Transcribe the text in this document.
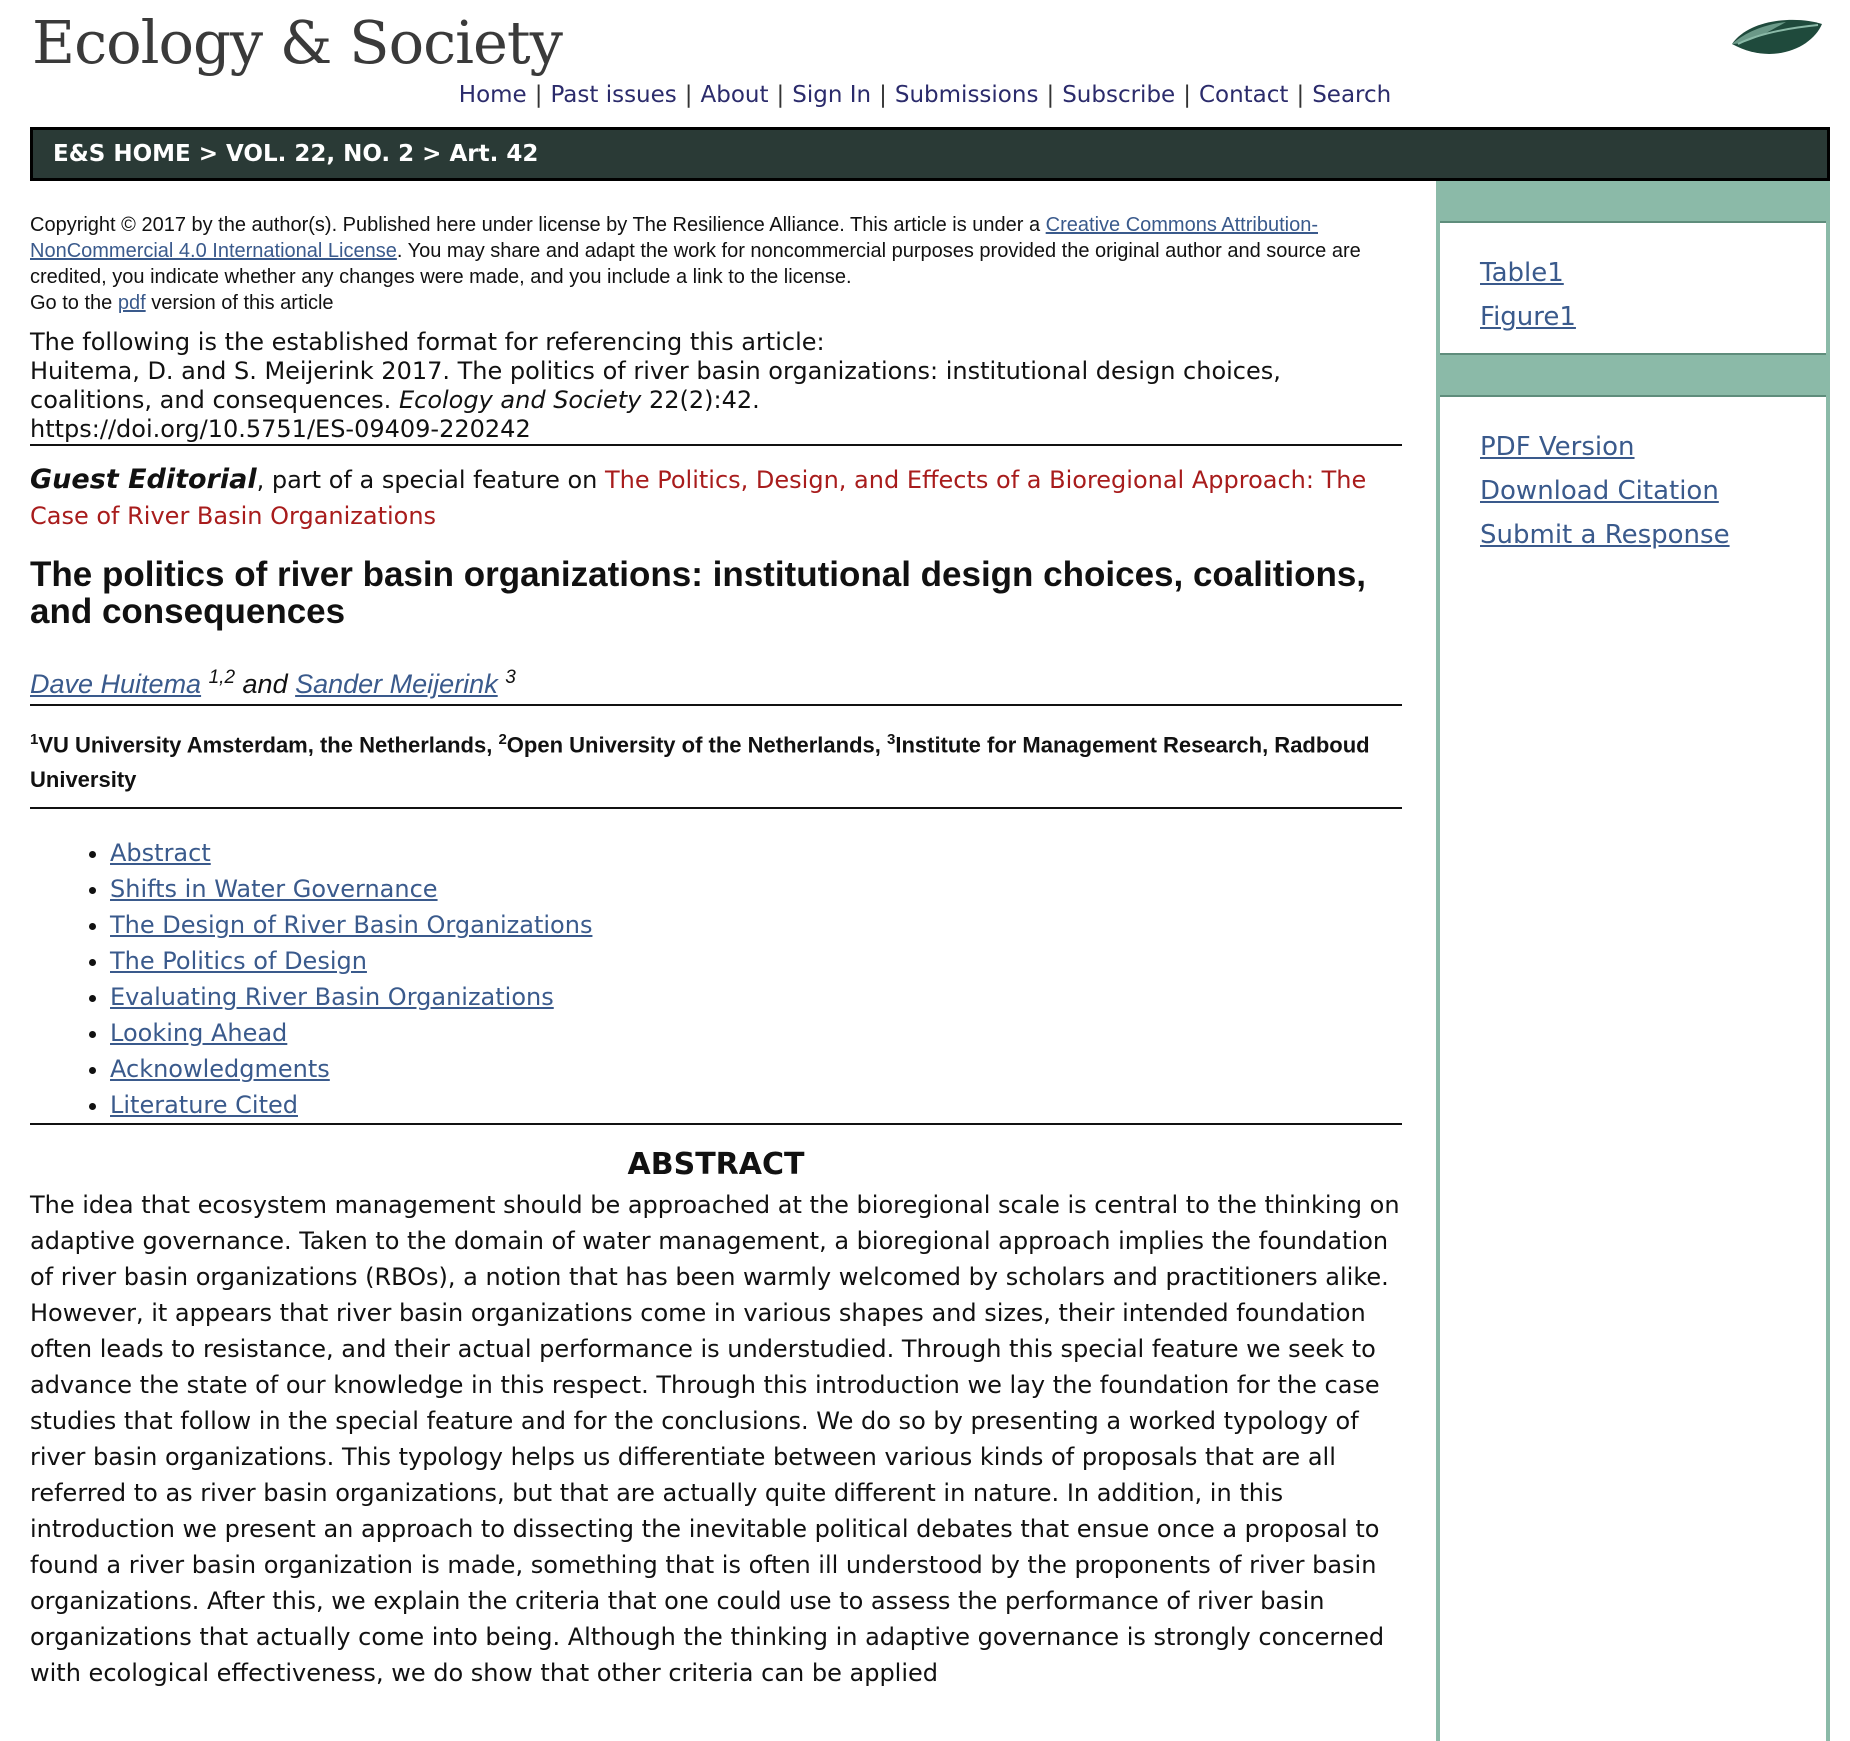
Ecology & Society
Home | Past issues | About | Sign In | Submissions | Subscribe | Contact | Search
E&S HOME > VOL. 22, NO. 2 > Art. 42
Copyright © 2017 by the author(s). Published here under license by The Resilience Alliance. This article is under a Creative Commons Attribution-NonCommercial 4.0 International License. You may share and adapt the work for noncommercial purposes provided the original author and source are credited, you indicate whether any changes were made, and you include a link to the license.
Go to the pdf version of this article
The following is the established format for referencing this article:
Huitema, D. and S. Meijerink 2017. The politics of river basin organizations: institutional design choices, coalitions, and consequences. Ecology and Society 22(2):42.
https://doi.org/10.5751/ES-09409-220242
Guest Editorial, part of a special feature on The Politics, Design, and Effects of a Bioregional Approach: The Case of River Basin Organizations
The politics of river basin organizations: institutional design choices, coalitions, and consequences
Dave Huitema $^{1,2}$ and Sander Meijerink $^3$
$^1$VU University Amsterdam, the Netherlands, $^2$Open University of the Netherlands, $^3$Institute for Management Research, Radboud University
• Abstract
• Shifts in Water Governance
• The Design of River Basin Organizations
• The Politics of Design
• Evaluating River Basin Organizations
• Looking Ahead
• Acknowledgments
• Literature Cited
ABSTRACT

The idea that ecosystem management should be approached at the bioregional scale is central to the thinking on adaptive governance. Taken to the domain of water management, a bioregional approach implies the foundation of river basin organizations (RBOs), a notion that has been warmly welcomed by scholars and practitioners alike. However, it appears that river basin organizations come in various shapes and sizes, their intended foundation often leads to resistance, and their actual performance is understudied. Through this special feature we seek to advance the state of our knowledge in this respect. Through this introduction we lay the foundation for the case studies that follow in the special feature and for the conclusions. We do so by presenting a worked typology of river basin organizations. This typology helps us differentiate between various kinds of proposals that are all referred to as river basin organizations, but that are actually quite different in nature. In addition, in this introduction we present an approach to dissecting the inevitable political debates that ensue once a proposal to found a river basin organization is made, something that is often ill understood by the proponents of river basin organizations. After this, we explain the criteria that one could use to assess the performance of river basin organizations that actually come into being. Although the thinking in adaptive governance is strongly concerned with ecological effectiveness, we do show that other criteria can be applied

Table1
Figure1
PDF Version
Download Citation
Submit a Response
